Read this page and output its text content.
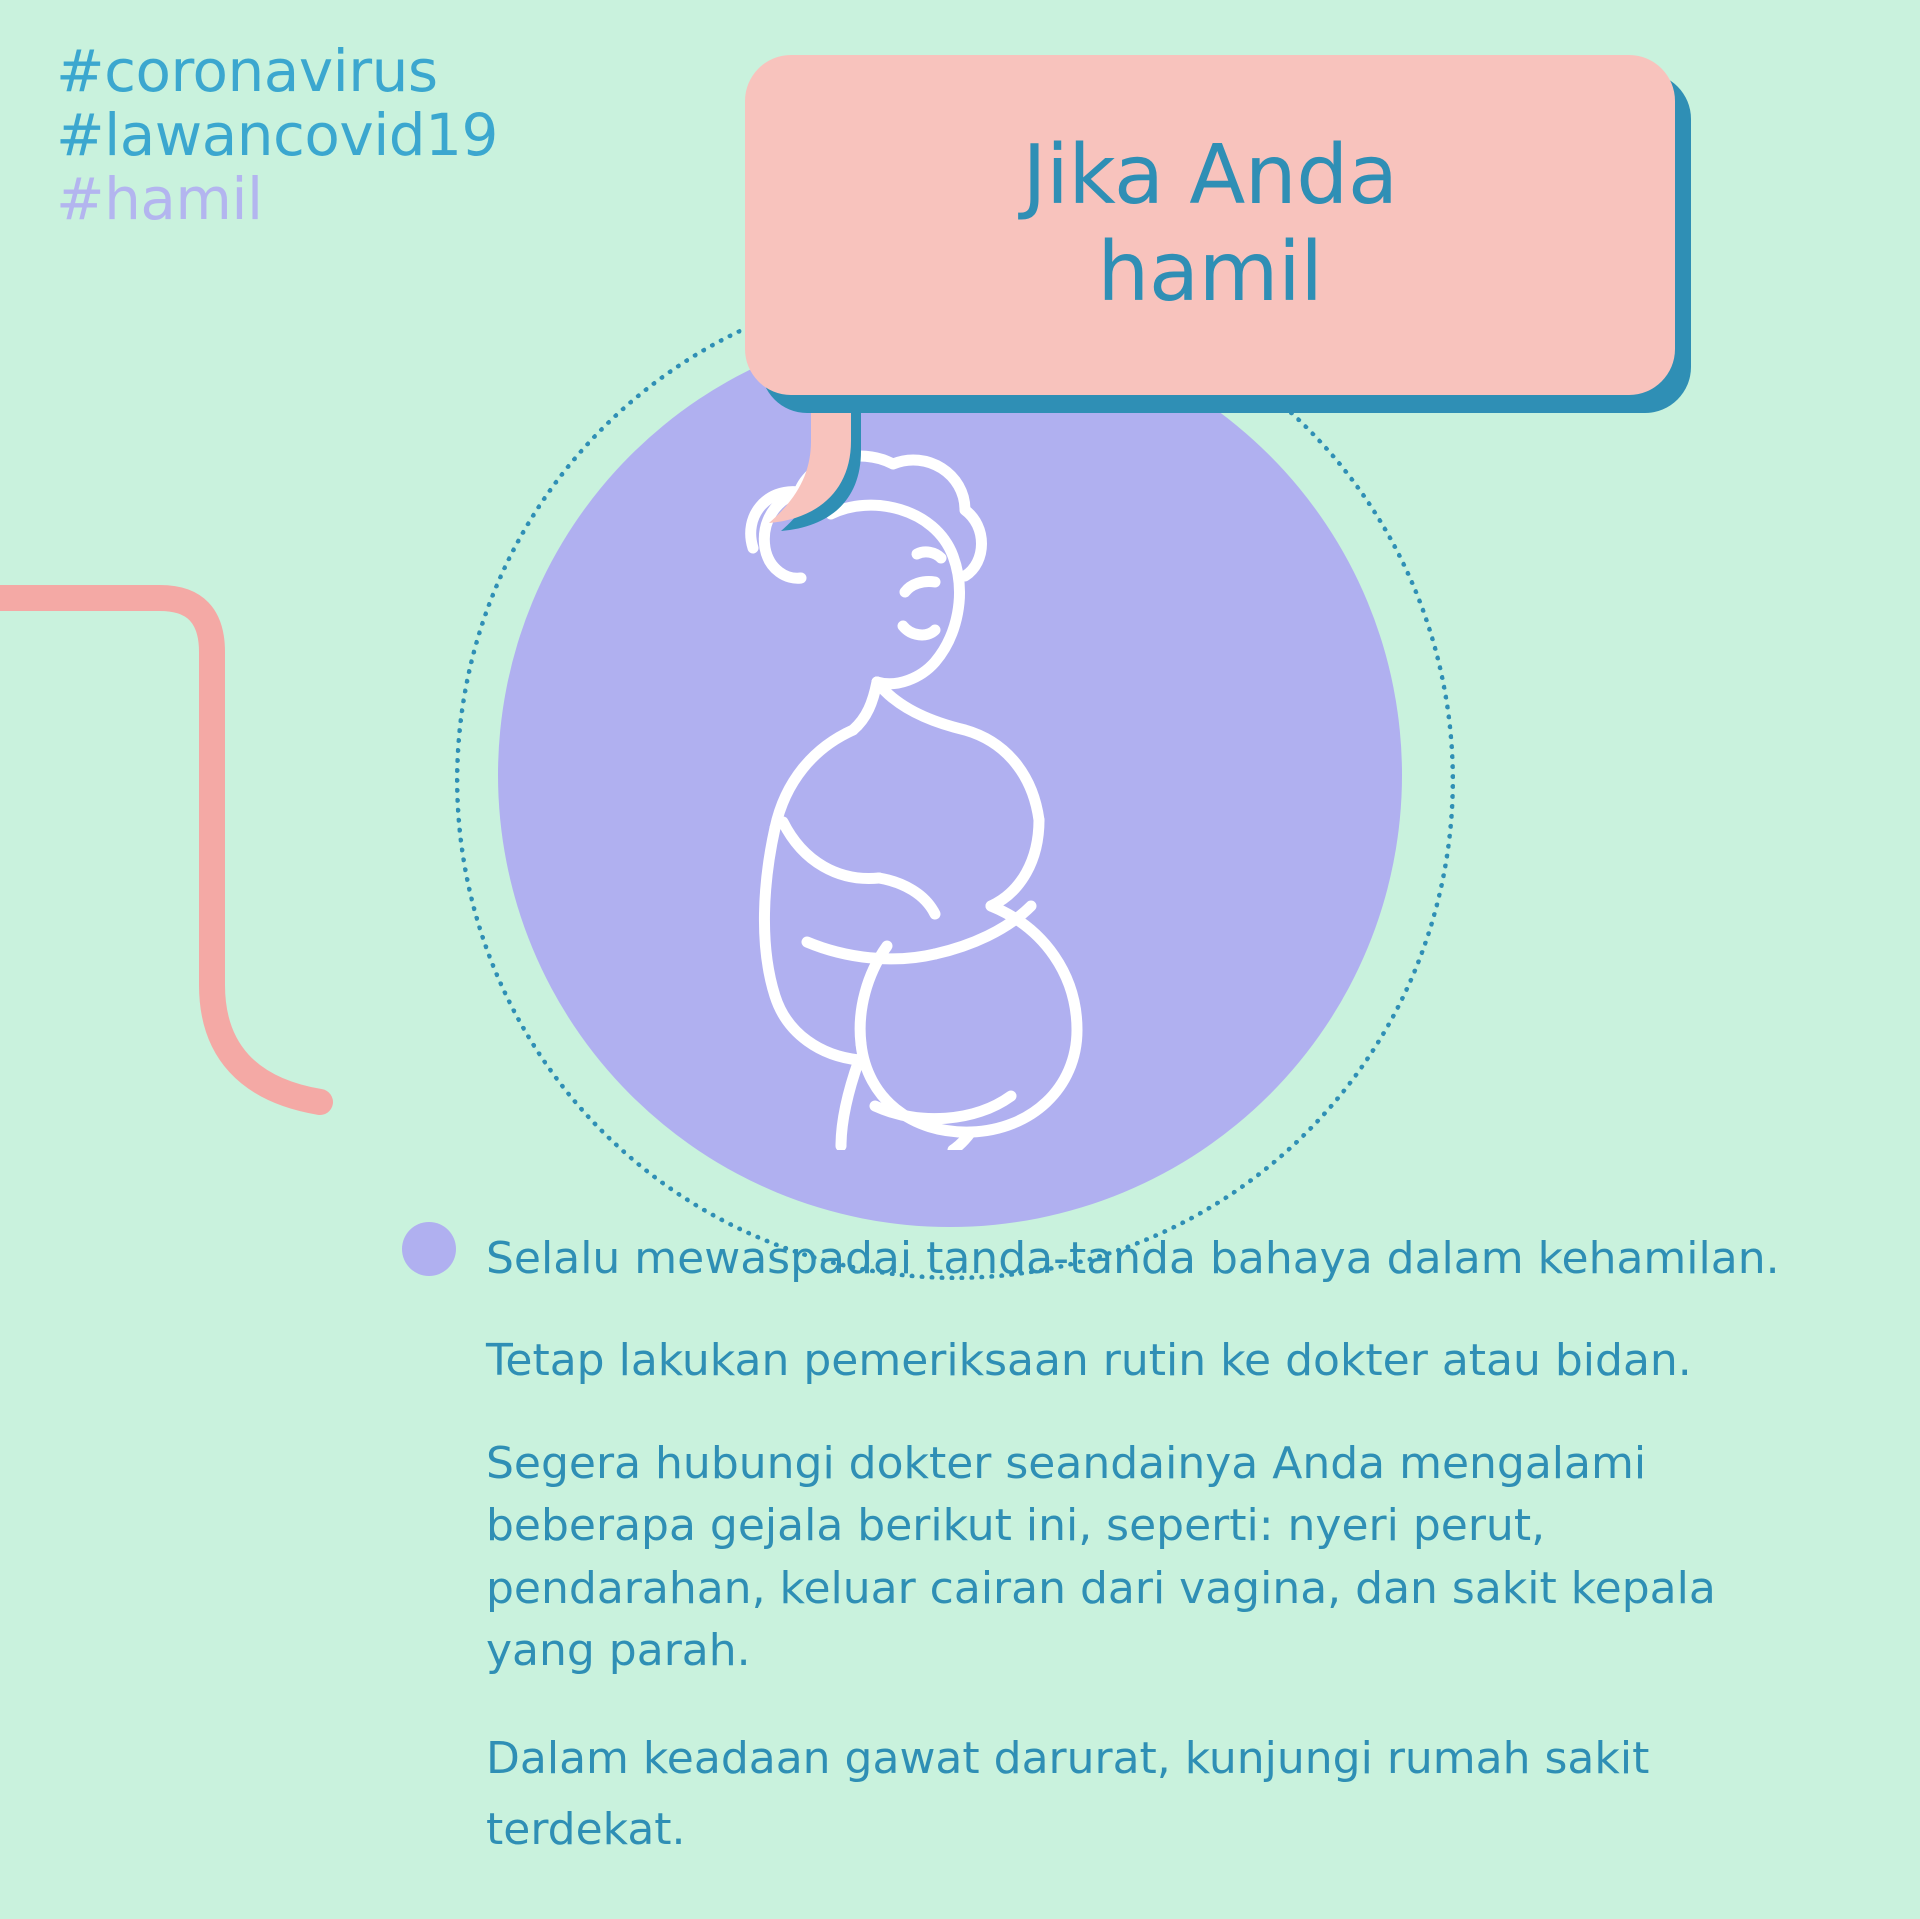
#coronavirus
#lawancovid19
#hamil	Jika Anda
hamil

Selalu mewaspadai tanda-tanda bahaya dalam kehamilan.

Tetap lakukan pemeriksaan rutin ke dokter atau bidan.

Segera hubungi dokter seandainya Anda mengalami beberapa gejala berikut ini, seperti: nyeri perut, pendarahan, keluar cairan dari vagina, dan sakit kepala yang parah.

Dalam keadaan gawat darurat, kunjungi rumah sakit terdekat.
